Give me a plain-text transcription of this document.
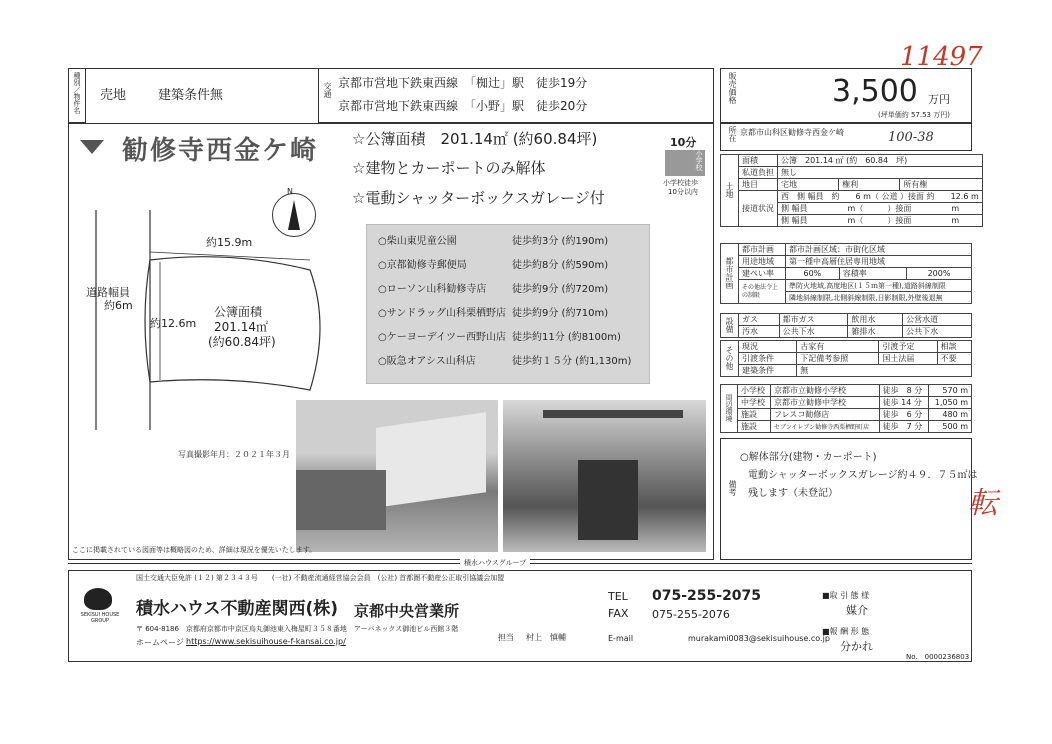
11497
100-38
転
種別／物件名 売地 建築条件無	交通 京都市営地下鉄東西線　「椥辻」駅　徒歩19分
京都市営地下鉄東西線　「小野」駅　徒歩20分
勧修寺西金ケ崎 ☆公簿面積　201.14㎡ (約60.84坪)
☆建物とカーポートのみ解体
☆電動シャッターボックスガレージ付
10分
小学校
小学校徒歩
10分以内
N
道路幅員
約6m
約15.9m
約12.6m
公簿面積
201.14㎡
(約60.84坪)
○柴山東児童公園	徒歩約3分 (約190m)
○京都勧修寺郵便局	徒歩約8分 (約590m)
○ローソン山科勧修寺店	徒歩約9分 (約720m)
○サンドラッグ山科栗栖野店 徒歩約9分 (約710m)
○ケーヨーデイツー西野山店 徒歩約11分 (約8100m)
○阪急オアシス山科店	徒歩約１５分 (約1,130m)
写真撮影年月：２０２１年３月
ここに掲載されている図面等は概略図のため、詳細は現況を優先いたします。
販売価格	3,500 万円
(坪単価約 57.53 万円)
所在 京都市山科区勧修寺西金ケ崎
土地	面積	公簿　 201.14 ㎡ (約　 60.84　坪)		
	私道負担	無し		
	地目	宅地	権利	所有権
	接道状況	西　側 幅員　約　　6 m（ 公道 ）接面 約　　12.6 m		
		側 幅員　　　　　m（　　　）接面　　　　　m		
		側 幅員　　　　　m（　　　）接面　　　　　m		
都市計画	都市計画	都市計画区域：市街化区域		
	用途地域	第一種中高層住居専用地域		
	建ぺい率	60%	容積率	200%
	その他法令上の制限	準防火地域,高度地区(１５ｍ第一種),道路斜線制限		
		隣地斜線制限,北側斜線制限,日影制限,外壁後退無		
設備	ガス	都市ガス	飲用水	公営水道
	汚水	公共下水	雑排水	公共下水
その他	現況	古家有	引渡予定	相談
	引渡条件	下記備考参照	国土法届	不要
	建築条件	無		
周辺環境	小学校	京都市立勧修小学校	徒歩　8 分	570 m
	中学校	京都市立勧修中学校	徒歩 14 分	1,050 m
	施設	フレスコ勧修店	徒歩　6 分	480 m
	施設	セブンイレブン勧修寺西栗栖野町店	徒歩　7 分	500 m
備考
○解体部分(建物・カーポート)
電動シャッターボックスガレージ約４９．７５㎡は
残します（未登記）
積水ハウスグループ
国土交通大臣免許 (１２) 第２３４３号　　(一社) 不動産流通経営協会会員　(公社) 首都圏不動産公正取引協議会加盟
SEKISUI HOUSE GROUP
積水ハウス不動産関西(株) 京都中央営業所
〒 604-8186　京都府京都市中京区烏丸御池東入梅屋町３５８番地　アーバネックス御池ビル西館３階
ホームページ https://www.sekisuihouse-f-kansai.co.jp/
TEL 075-255-2075
FAX 075-255-2076
担当 村上　慎輔	E-mail	murakami0083@sekisuihouse.co.jp
■取 引 態 様
媒介
■報 酬 形 態
分かれ
No.　0000236803
